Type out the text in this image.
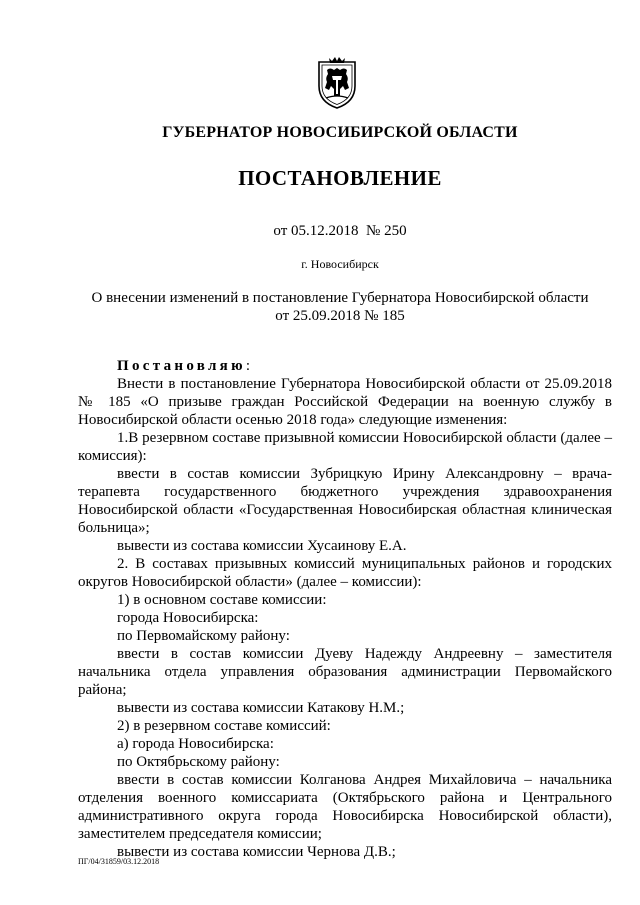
ГУБЕРНАТОР НОВОСИБИРСКОЙ ОБЛАСТИ
ПОСТАНОВЛЕНИЕ
от 05.12.2018  № 250
г. Новосибирск
О внесении изменений в постановление Губернатора Новосибирской области
от 25.09.2018 № 185

Постановляю:

Внести в постановление Губернатора Новосибирской области от 25.09.2018 № 185 «О призыве граждан Российской Федерации на военную службу в Новосибирской области осенью 2018 года» следующие изменения:

1.В резервном составе призывной комиссии Новосибирской области (далее – комиссия):

ввести в состав комиссии Зубрицкую Ирину Александровну – врача-терапевта государственного бюджетного учреждения здравоохранения Новосибирской области «Государственная Новосибирская областная клиническая больница»;

вывести из состава комиссии Хусаинову Е.А.

2. В составах призывных комиссий муниципальных районов и городских округов Новосибирской области» (далее – комиссии):

1) в основном составе комиссии:

города Новосибирска:

по Первомайскому району:

ввести в состав комиссии Дуеву Надежду Андреевну – заместителя начальника отдела управления образования администрации Первомайского района;

вывести из состава комиссии Катакову Н.М.;

2) в резервном составе комиссий:

а) города Новосибирска:

по Октябрьскому району:

ввести в состав комиссии Колганова Андрея Михайловича – начальника отделения военного комиссариата (Октябрьского района и Центрального административного округа города Новосибирска Новосибирской области), заместителем председателя комиссии;

вывести из состава комиссии Чернова Д.В.;

ПГ/04/31859/03.12.2018
